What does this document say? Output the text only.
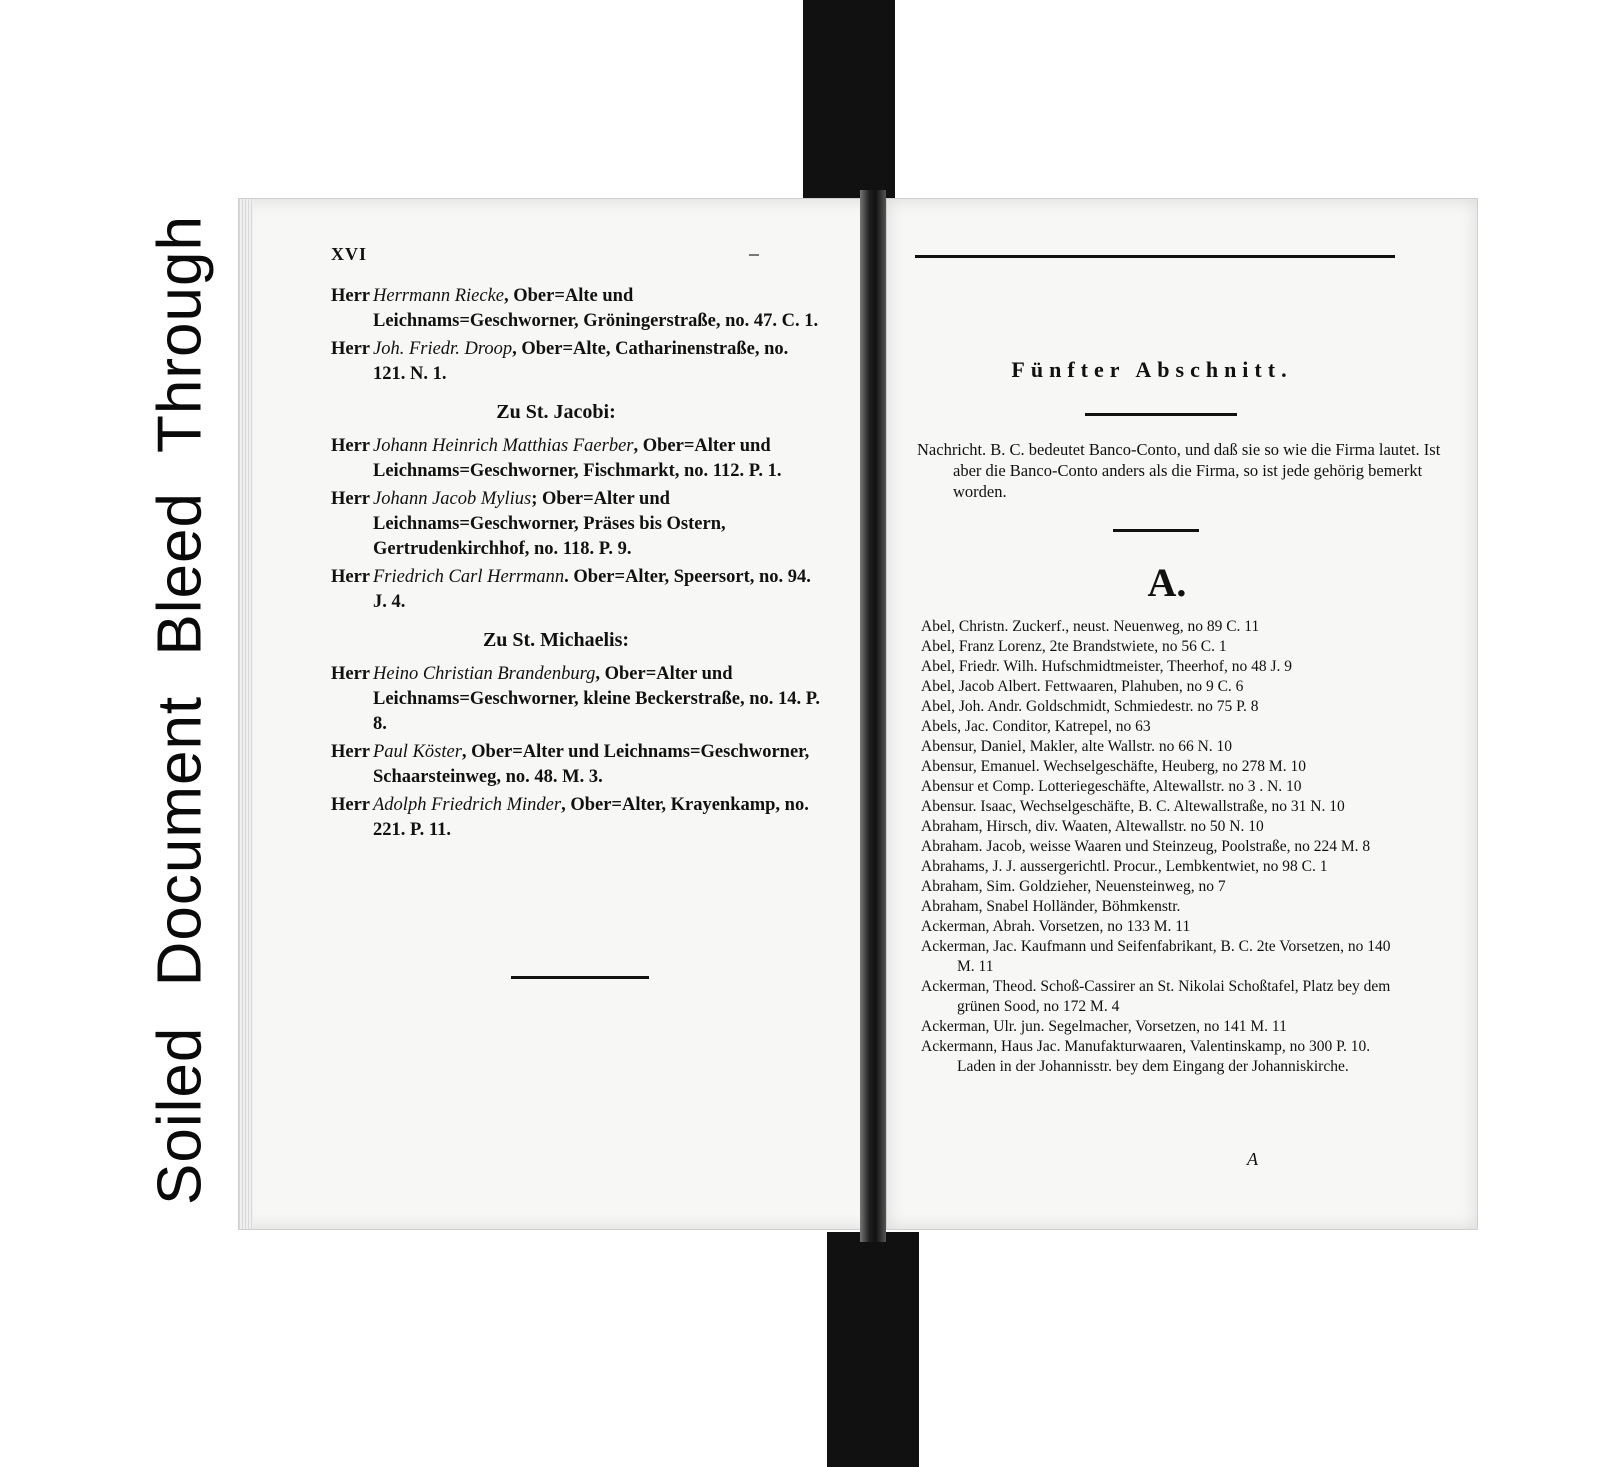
Soiled Document Bleed Through	XVI
Herr Herrmann Riecke, Ober=Alte und Leichnams=Geschworner, Gröningerstraße, no. 47. C. 1.
Herr Joh. Friedr. Droop, Ober=Alte, Catharinenstraße, no. 121. N. 1.
Zu St. Jacobi:
Herr Johann Heinrich Matthias Faerber, Ober=Alter und Leichnams=Geschworner, Fischmarkt, no. 112. P. 1.
Herr Johann Jacob Mylius; Ober=Alter und Leichnams=Geschworner, Präses bis Ostern, Gertrudenkirchhof, no. 118. P. 9.
Herr Friedrich Carl Herrmann. Ober=Alter, Speersort, no. 94. J. 4.
Zu St. Michaelis:
Herr Heino Christian Brandenburg, Ober=Alter und Leichnams=Geschworner, kleine Beckerstraße, no. 14. P. 8.
Herr Paul Köster, Ober=Alter und Leichnams=Geschworner, Schaarsteinweg, no. 48. M. 3.
Herr Adolph Friedrich Minder, Ober=Alter, Krayenkamp, no. 221. P. 11.
Fünfter Abschnitt.
Nachricht. B. C. bedeutet Banco-Conto, und daß sie so wie die Firma lautet. Ist aber die Banco-Conto anders als die Firma, so ist jede gehörig bemerkt worden.
A.
Abel, Christn. Zuckerf., neust. Neuenweg, no 89 C. 11
Abel, Franz Lorenz, 2te Brandstwiete, no 56 C. 1
Abel, Friedr. Wilh. Hufschmidtmeister, Theerhof, no 48 J. 9
Abel, Jacob Albert. Fettwaaren, Plahuben, no 9 C. 6
Abel, Joh. Andr. Goldschmidt, Schmiedestr. no 75 P. 8
Abels, Jac. Conditor, Katrepel, no 63
Abensur, Daniel, Makler, alte Wallstr. no 66 N. 10
Abensur, Emanuel. Wechselgeschäfte, Heuberg, no 278 M. 10
Abensur et Comp. Lotteriegeschäfte, Altewallstr. no 3 . N. 10
Abensur. Isaac, Wechselgeschäfte, B. C. Altewallstraße, no 31 N. 10
Abraham, Hirsch, div. Waaten, Altewallstr. no 50 N. 10
Abraham. Jacob, weisse Waaren und Steinzeug, Poolstraße, no 224 M. 8
Abrahams, J. J. aussergerichtl. Procur., Lembkentwiet, no 98 C. 1
Abraham, Sim. Goldzieher, Neuensteinweg, no 7
Abraham, Snabel Holländer, Böhmkenstr.
Ackerman, Abrah. Vorsetzen, no 133 M. 11
Ackerman, Jac. Kaufmann und Seifenfabrikant, B. C. 2te Vorsetzen, no 140 M. 11
Ackerman, Theod. Schoß-Cassirer an St. Nikolai Schoßtafel, Platz bey dem grünen Sood, no 172 M. 4
Ackerman, Ulr. jun. Segelmacher, Vorsetzen, no 141 M. 11
Ackermann, Haus Jac. Manufakturwaaren, Valentinskamp, no 300 P. 10. Laden in der Johannisstr. bey dem Eingang der Johanniskirche.
A
